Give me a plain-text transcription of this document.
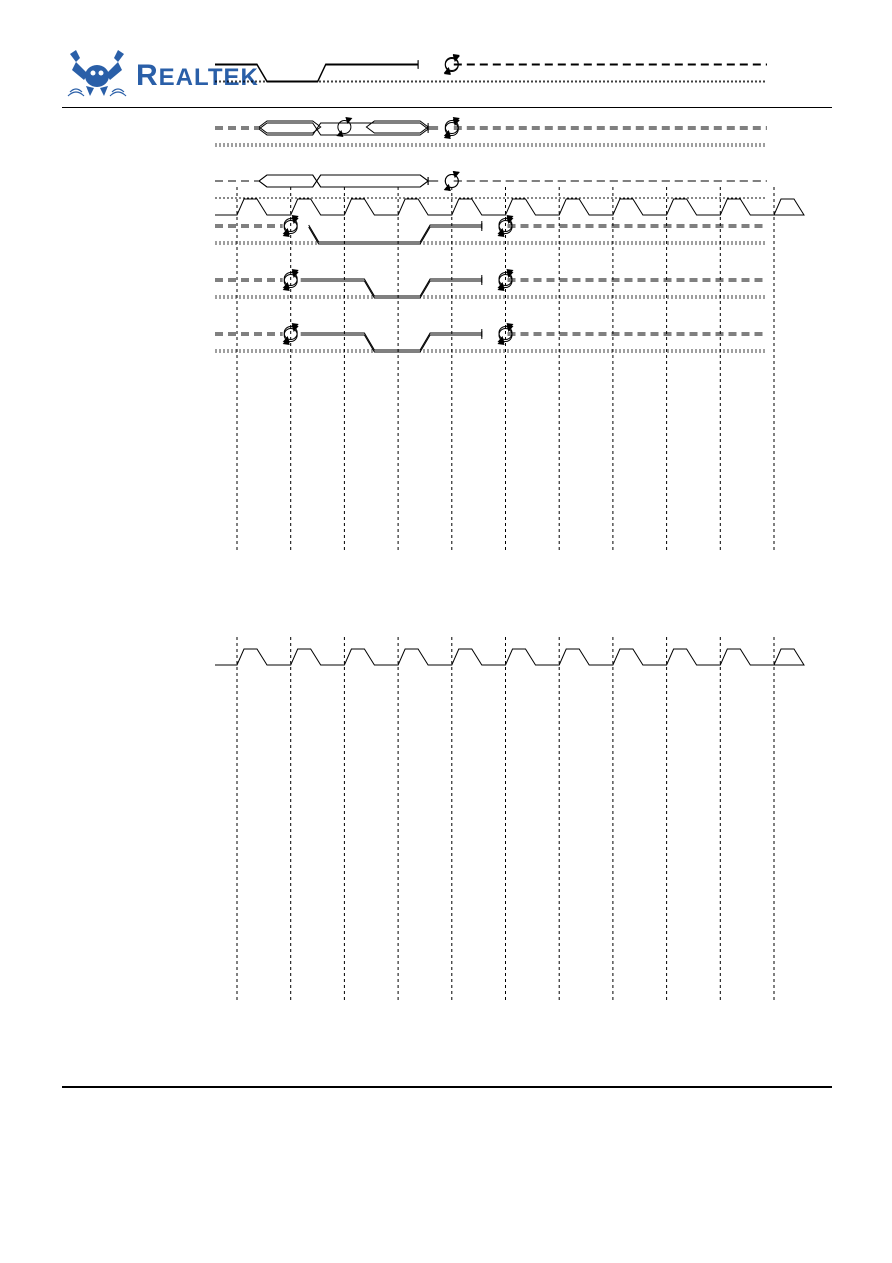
REALTEK
